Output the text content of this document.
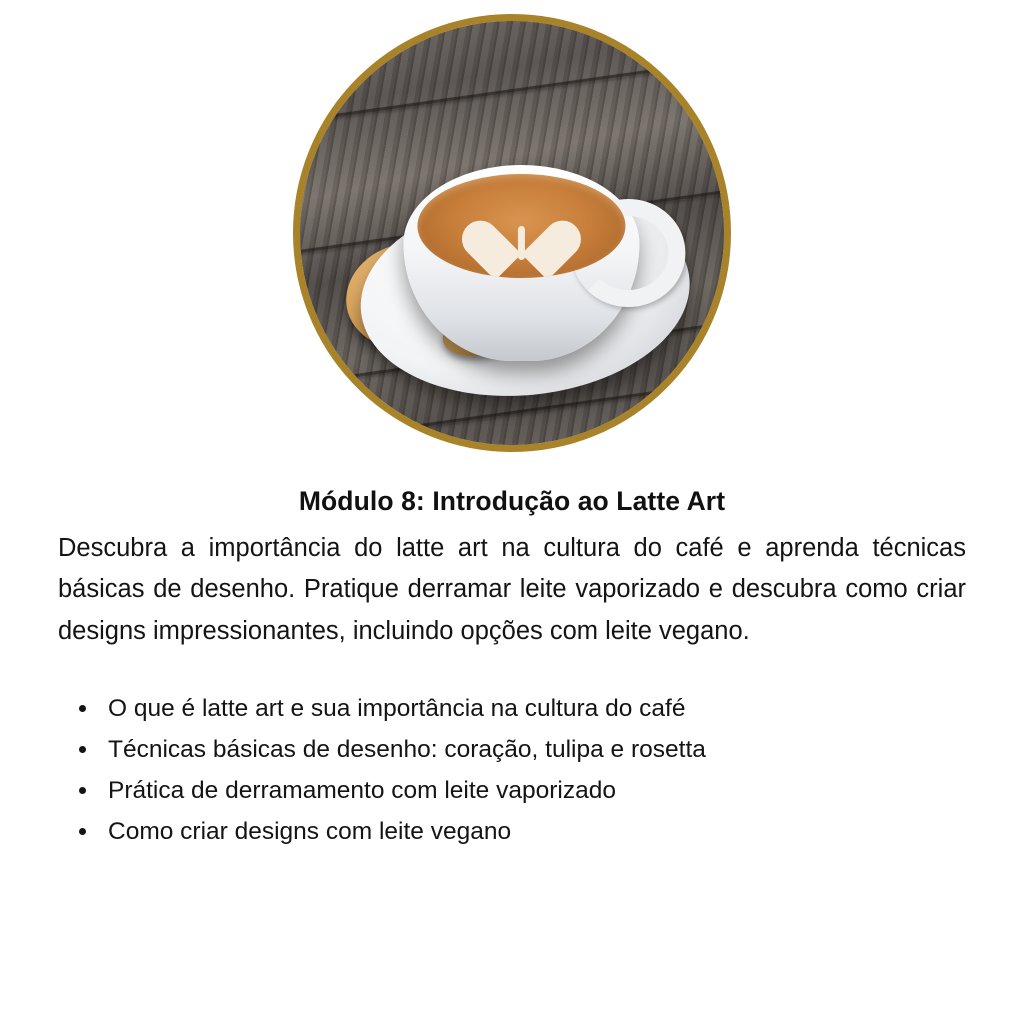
Módulo 8: Introdução ao Latte Art

Descubra a importância do latte art na cultura do café e aprenda técnicas básicas de desenho. Pratique derramar leite vaporizado e descubra como criar designs impressionantes, incluindo opções com leite vegano.

• O que é latte art e sua importância na cultura do café
• Técnicas básicas de desenho: coração, tulipa e rosetta
• Prática de derramamento com leite vaporizado
• Como criar designs com leite vegano
